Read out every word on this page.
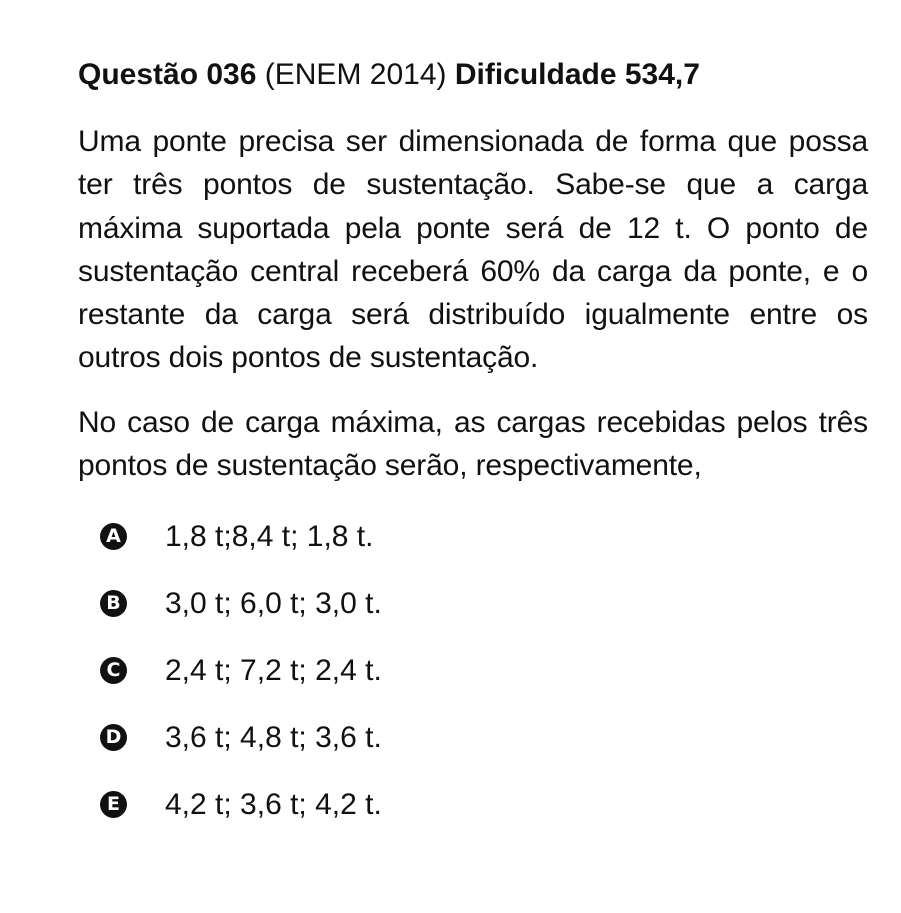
Questão 036 (ENEM 2014) Dificuldade 534,7

Uma ponte precisa ser dimensionada de forma que possa ter três pontos de sustentação. Sabe-se que a carga máxima suportada pela ponte será de 12 t. O ponto de sustentação central receberá 60% da carga da ponte, e o restante da carga será distribuído igualmente entre os outros dois pontos de sustentação.

No caso de carga máxima, as cargas recebidas pelos três pontos de sustentação serão, respectivamente,

A 1,8 t;8,4 t; 1,8 t.
B 3,0 t; 6,0 t; 3,0 t.
C 2,4 t; 7,2 t; 2,4 t.
D 3,6 t; 4,8 t; 3,6 t.
E 4,2 t; 3,6 t; 4,2 t.
